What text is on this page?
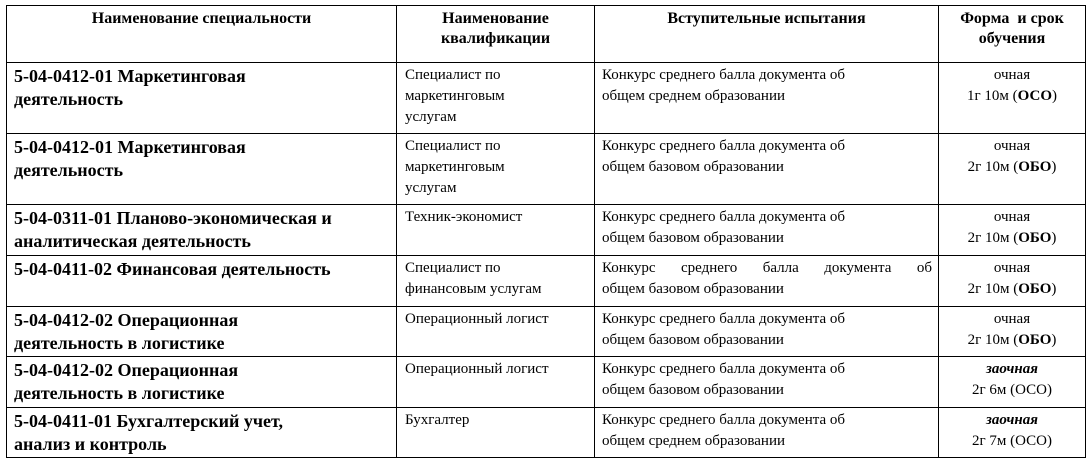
Наименование специальности	Наименование
квалификации	Вступительные испытания	Форма  и срок
обучения

5-04-0412-01 Маркетинговая
деятельность	Специалист по
маркетинговым
услугам	Конкурс среднего балла документа об
общем среднем образовании	очная
1г 10м (ОСО)

5-04-0412-01 Маркетинговая
деятельность	Специалист по
маркетинговым
услугам	Конкурс среднего балла документа об
общем базовом образовании	очная
2г 10м (ОБО)

5-04-0311-01 Планово-экономическая и
аналитическая деятельность	Техник-экономист	Конкурс среднего балла документа об
общем базовом образовании	очная
2г 10м (ОБО)

5-04-0411-02 Финансовая деятельность	Специалист по
финансовым услугам	Конкурс среднего балла документа об
общем базовом образовании	очная
2г 10м (ОБО)

5-04-0412-02 Операционная
деятельность в логистике	Операционный логист	Конкурс среднего балла документа об
общем базовом образовании	очная
2г 10м (ОБО)

5-04-0412-02 Операционная
деятельность в логистике	Операционный логист	Конкурс среднего балла документа об
общем базовом образовании	заочная
2г 6м (ОСО)

5-04-0411-01 Бухгалтерский учет,
анализ и контроль	Бухгалтер	Конкурс среднего балла документа об
общем среднем образовании	заочная
2г 7м (ОСО)
